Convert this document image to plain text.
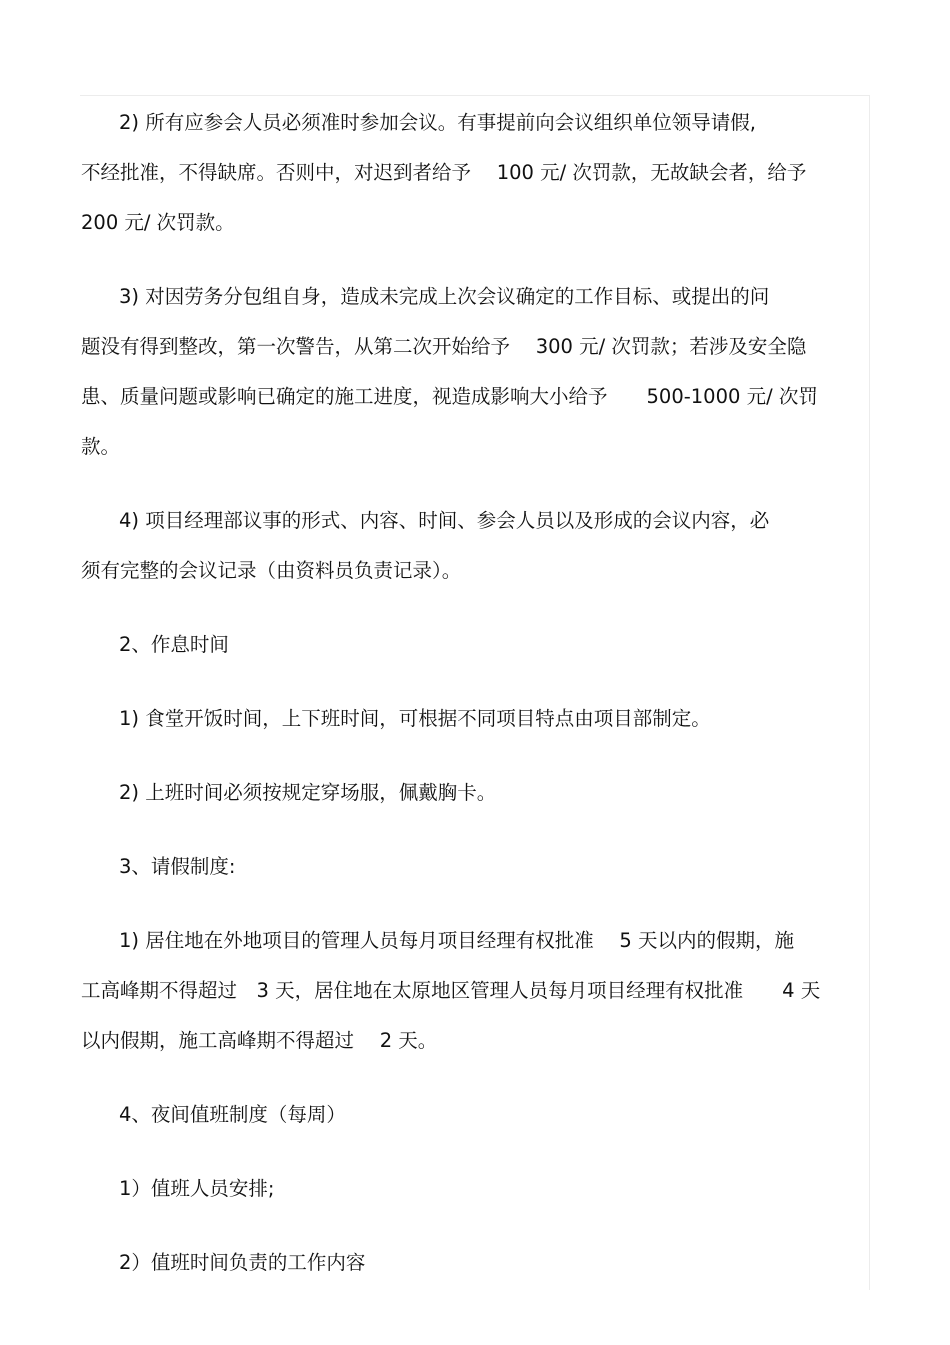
2) 所有应参会人员必须准时参加会议。有事提前向会议组织单位领导请假,
不经批准，不得缺席。否则中，对迟到者给予　 100 元/ 次罚款，无故缺会者，给予
200 元/ 次罚款。
3) 对因劳务分包组自身，造成未完成上次会议确定的工作目标、或提出的问
题没有得到整改，第一次警告，从第二次开始给予　 300 元/ 次罚款；若涉及安全隐
患、质量问题或影响已确定的施工进度，视造成影响大小给予　　500-1000 元/ 次罚
款。
4) 项目经理部议事的形式、内容、时间、参会人员以及形成的会议内容，必
须有完整的会议记录（由资料员负责记录）。
2、作息时间
1) 食堂开饭时间，上下班时间，可根据不同项目特点由项目部制定。
2) 上班时间必须按规定穿场服，佩戴胸卡。
3、请假制度:
1) 居住地在外地项目的管理人员每月项目经理有权批准　 5 天以内的假期，施
工高峰期不得超过　3 天，居住地在太原地区管理人员每月项目经理有权批准　　4 天
以内假期，施工高峰期不得超过　 2 天。
4、夜间值班制度（每周）
1）值班人员安排;
2）值班时间负责的工作内容
